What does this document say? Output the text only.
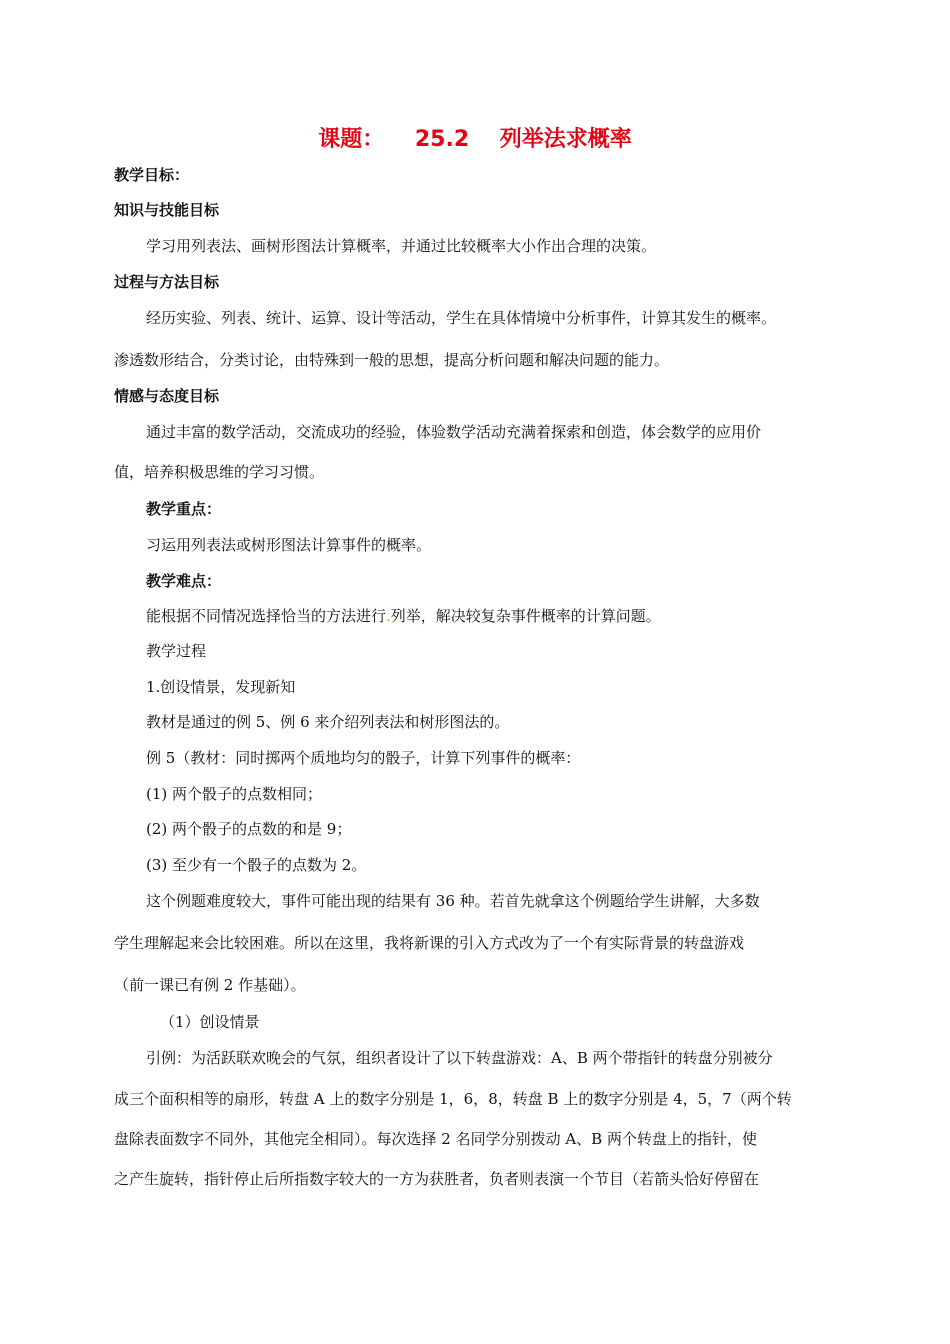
课题：    25.2    列举法求概率
教学目标：
知识与技能目标
学习用列表法、画树形图法计算概率，并通过比较概率大小作出合理的决策。
过程与方法目标
经历实验、列表、统计、运算、设计等活动，学生在具体情境中分析事件，计算其发生的概率。
渗透数形结合，分类讨论，由特殊到一般的思想，提高分析问题和解决问题的能力。
情感与态度目标
通过丰富的数学活动，交流成功的经验，体验数学活动充满着探索和创造，体会数学的应用价
值，培养积极思维的学习习惯。
教学重点：
习运用列表法或树形图法计算事件的概率。
教学难点：
能根据不同情况选择恰当的方法进行.列举，解决较复杂事件概率的计算问题。
教学过程
1.创设情景，发现新知
教材是通过的例 5、例 6 来介绍列表法和树形图法的。
例 5（教材：同时掷两个质地均匀的骰子，计算下列事件的概率：
(1) 两个骰子的点数相同；
(2) 两个骰子的点数的和是 9；
(3) 至少有一个骰子的点数为 2。
这个例题难度较大，事件可能出现的结果有 36 种。若首先就拿这个例题给学生讲解，大多数
学生理解起来会比较困难。所以在这里，我将新课的引入方式改为了一个有实际背景的转盘游戏
（前一课已有例 2 作基础）。
（1）创设情景
引例：为活跃联欢晚会的气氛，组织者设计了以下转盘游戏：A、B 两个带指针的转盘分别被分
成三个面积相等的扇形，转盘 A 上的数字分别是 1，6，8，转盘 B 上的数字分别是 4，5，7（两个转
盘除表面数字不同外，其他完全相同）。每次选择 2 名同学分别拨动 A、B 两个转盘上的指针，使
之产生旋转，指针停止后所指数字较大的一方为获胜者，负者则表演一个节目（若箭头恰好停留在
